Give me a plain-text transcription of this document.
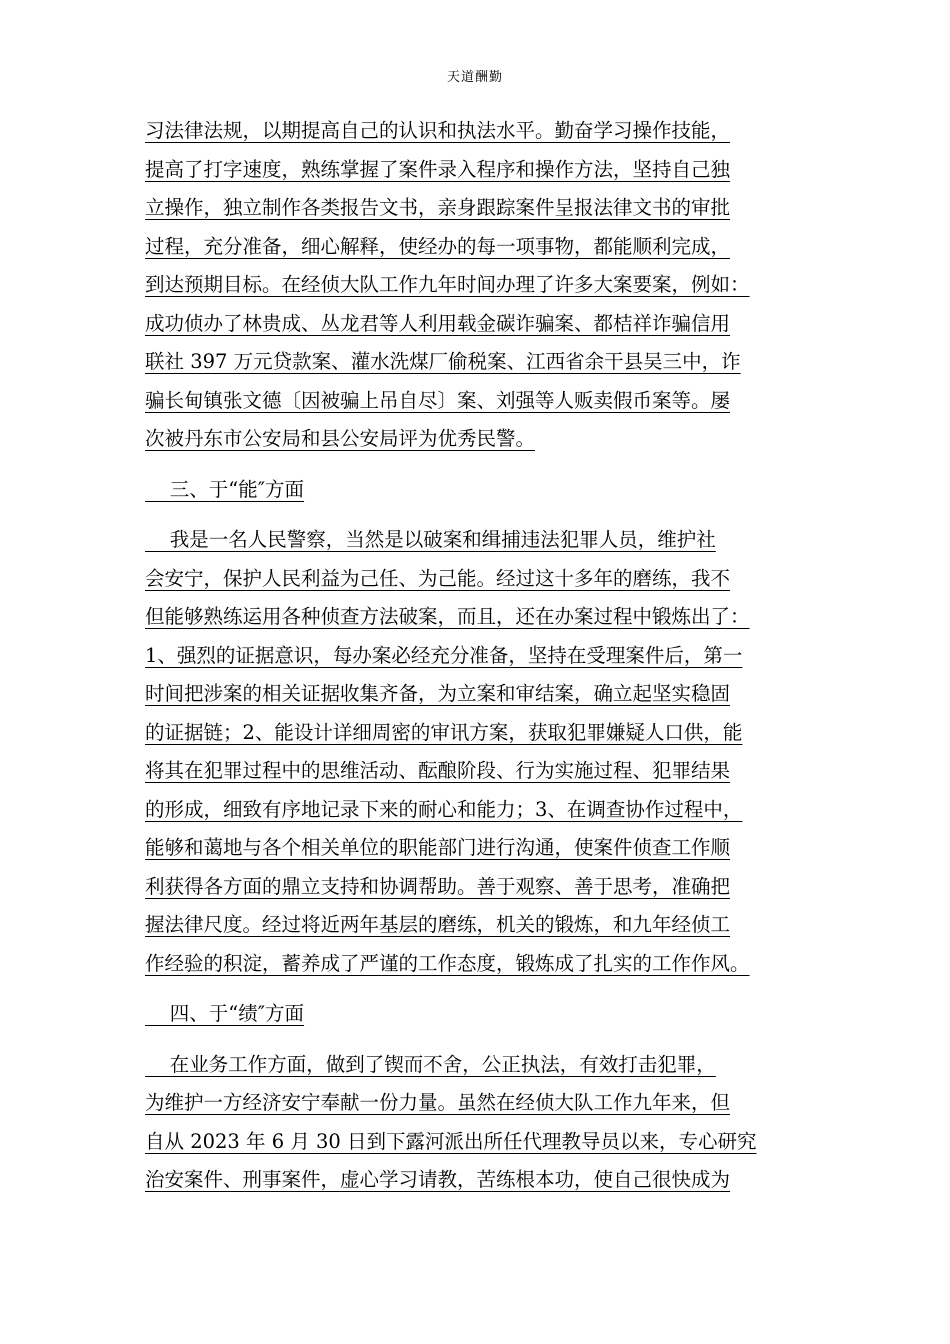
天道酬勤
习法律法规，以期提高自己的认识和执法水平。勤奋学习操作技能，
提高了打字速度，熟练掌握了案件录入程序和操作方法，坚持自己独
立操作，独立制作各类报告文书，亲身跟踪案件呈报法律文书的审批
过程，充分准备，细心解释，使经办的每一项事物，都能顺利完成，
到达预期目标。在经侦大队工作九年时间办理了许多大案要案，例如：
成功侦办了林贵成、丛龙君等人利用载金碳诈骗案、都桔祥诈骗信用
联社 397 万元贷款案、灌水洗煤厂偷税案、江西省余干县吴三中，诈
骗长甸镇张文德〔因被骗上吊自尽〕案、刘强等人贩卖假币案等。屡
次被丹东市公安局和县公安局评为优秀民警。
三、于“能″方面
我是一名人民警察，当然是以破案和缉捕违法犯罪人员，维护社
会安宁，保护人民利益为己任、为己能。经过这十多年的磨练，我不
但能够熟练运用各种侦查方法破案，而且，还在办案过程中锻炼出了：
1、强烈的证据意识，每办案必经充分准备，坚持在受理案件后，第一
时间把涉案的相关证据收集齐备，为立案和审结案，确立起坚实稳固
的证据链；2、能设计详细周密的审讯方案，获取犯罪嫌疑人口供，能
将其在犯罪过程中的思维活动、酝酿阶段、行为实施过程、犯罪结果
的形成，细致有序地记录下来的耐心和能力；3、在调查协作过程中，
能够和蔼地与各个相关单位的职能部门进行沟通，使案件侦查工作顺
利获得各方面的鼎立支持和协调帮助。善于观察、善于思考，准确把
握法律尺度。经过将近两年基层的磨练，机关的锻炼，和九年经侦工
作经验的积淀，蓄养成了严谨的工作态度，锻炼成了扎实的工作作风。
四、于“绩″方面
在业务工作方面，做到了锲而不舍，公正执法，有效打击犯罪，
为维护一方经济安宁奉献一份力量。虽然在经侦大队工作九年来，但
自从 2023 年 6 月 30 日到下露河派出所任代理教导员以来，专心研究
治安案件、刑事案件，虚心学习请教，苦练根本功，使自己很快成为
